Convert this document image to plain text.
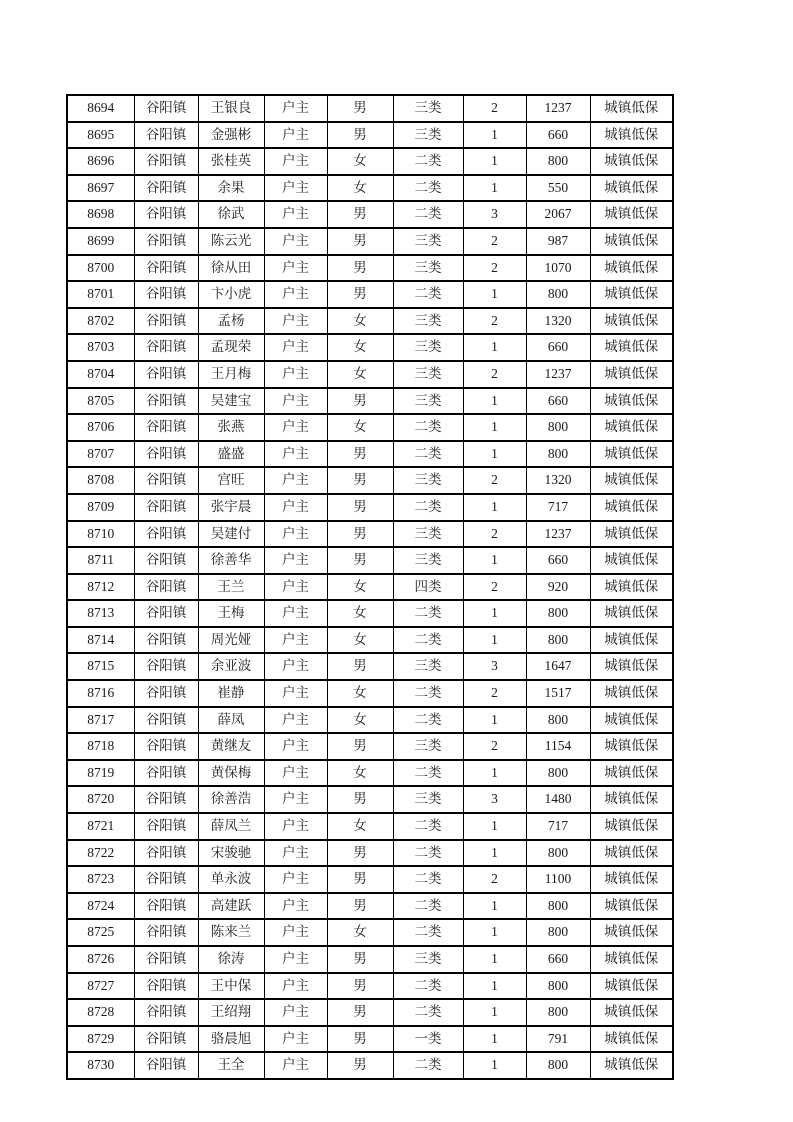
8694	谷阳镇	王银良	户主	男	三类	2	1237	城镇低保
8695	谷阳镇	金强彬	户主	男	三类	1	660	城镇低保
8696	谷阳镇	张桂英	户主	女	二类	1	800	城镇低保
8697	谷阳镇	余果	户主	女	二类	1	550	城镇低保
8698	谷阳镇	徐武	户主	男	二类	3	2067	城镇低保
8699	谷阳镇	陈云光	户主	男	三类	2	987	城镇低保
8700	谷阳镇	徐从田	户主	男	三类	2	1070	城镇低保
8701	谷阳镇	卞小虎	户主	男	二类	1	800	城镇低保
8702	谷阳镇	孟杨	户主	女	三类	2	1320	城镇低保
8703	谷阳镇	孟现荣	户主	女	三类	1	660	城镇低保
8704	谷阳镇	王月梅	户主	女	三类	2	1237	城镇低保
8705	谷阳镇	吴建宝	户主	男	三类	1	660	城镇低保
8706	谷阳镇	张燕	户主	女	二类	1	800	城镇低保
8707	谷阳镇	盛盛	户主	男	二类	1	800	城镇低保
8708	谷阳镇	宫旺	户主	男	三类	2	1320	城镇低保
8709	谷阳镇	张宇晨	户主	男	二类	1	717	城镇低保
8710	谷阳镇	吴建付	户主	男	三类	2	1237	城镇低保
8711	谷阳镇	徐善华	户主	男	三类	1	660	城镇低保
8712	谷阳镇	王兰	户主	女	四类	2	920	城镇低保
8713	谷阳镇	王梅	户主	女	二类	1	800	城镇低保
8714	谷阳镇	周光娅	户主	女	二类	1	800	城镇低保
8715	谷阳镇	余亚波	户主	男	三类	3	1647	城镇低保
8716	谷阳镇	崔静	户主	女	二类	2	1517	城镇低保
8717	谷阳镇	薛凤	户主	女	二类	1	800	城镇低保
8718	谷阳镇	黄继友	户主	男	三类	2	1154	城镇低保
8719	谷阳镇	黄保梅	户主	女	二类	1	800	城镇低保
8720	谷阳镇	徐善浩	户主	男	三类	3	1480	城镇低保
8721	谷阳镇	薛凤兰	户主	女	二类	1	717	城镇低保
8722	谷阳镇	宋骏驰	户主	男	二类	1	800	城镇低保
8723	谷阳镇	单永波	户主	男	二类	2	1100	城镇低保
8724	谷阳镇	高建跃	户主	男	二类	1	800	城镇低保
8725	谷阳镇	陈来兰	户主	女	二类	1	800	城镇低保
8726	谷阳镇	徐涛	户主	男	三类	1	660	城镇低保
8727	谷阳镇	王中保	户主	男	二类	1	800	城镇低保
8728	谷阳镇	王绍翔	户主	男	二类	1	800	城镇低保
8729	谷阳镇	骆晨旭	户主	男	一类	1	791	城镇低保
8730	谷阳镇	王全	户主	男	二类	1	800	城镇低保
